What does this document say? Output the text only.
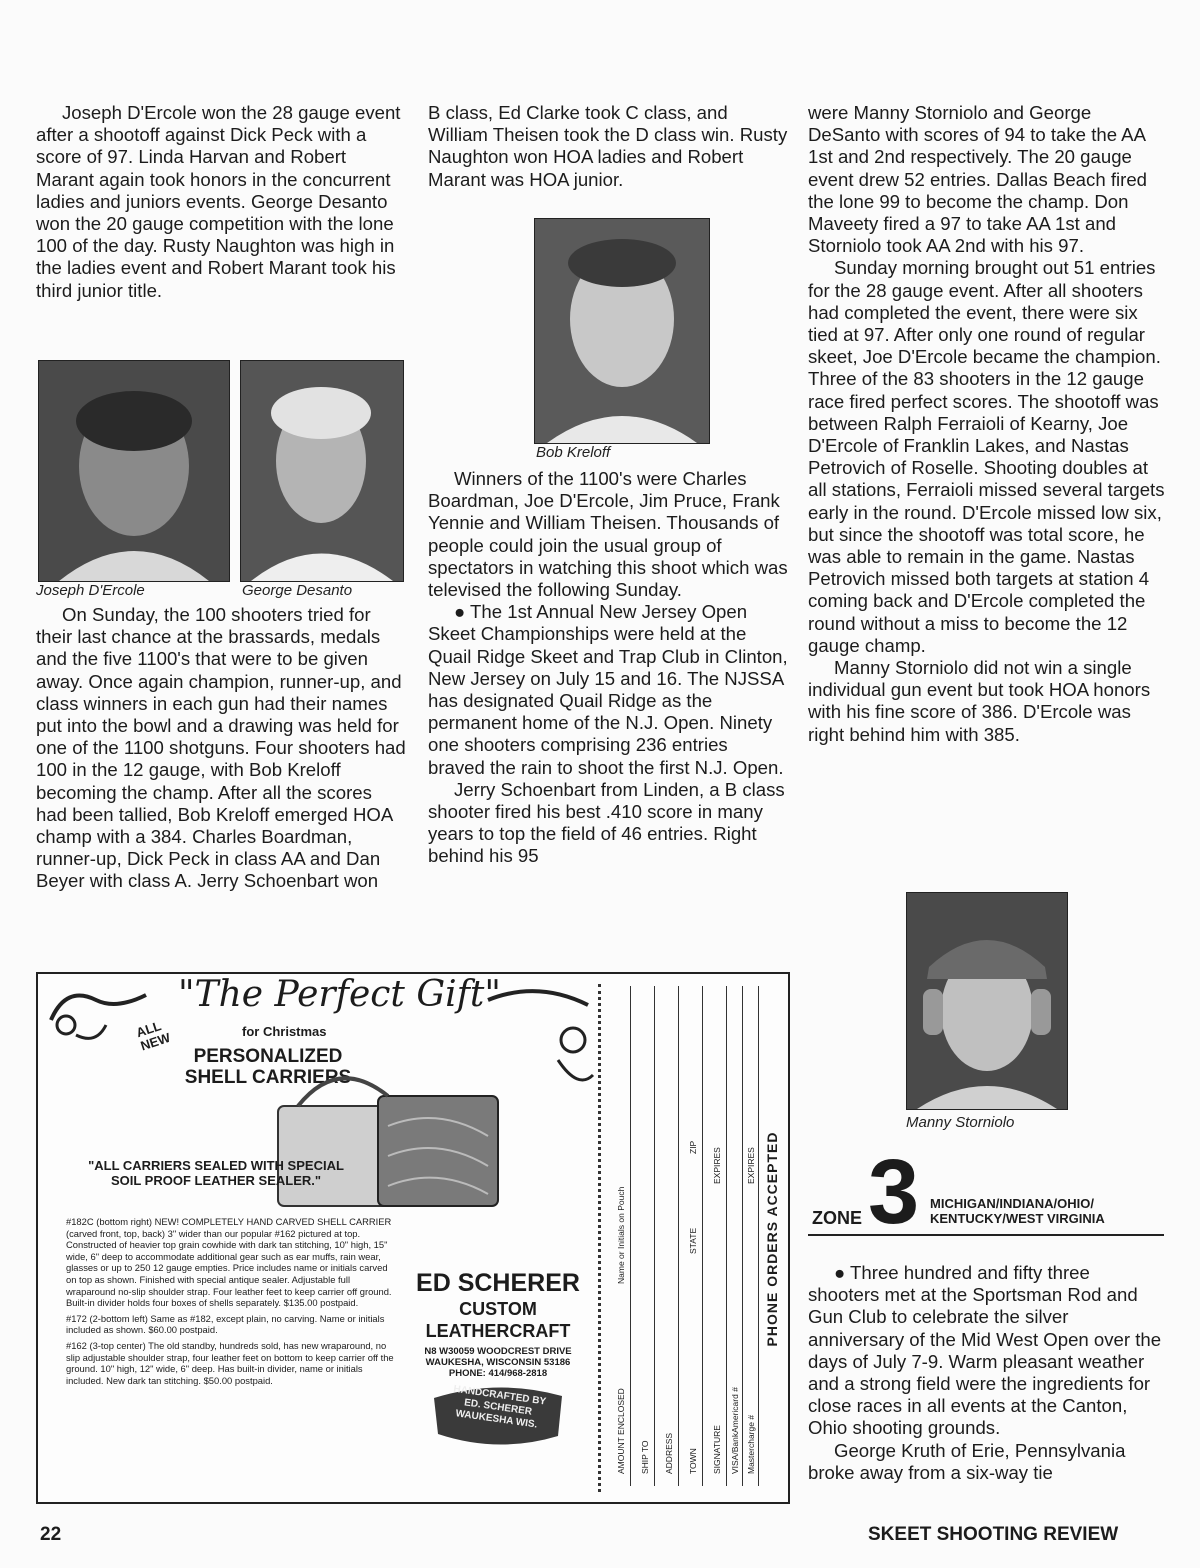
Joseph D'Ercole won the 28 gauge event after a shootoff against Dick Peck with a score of 97. Linda Harvan and Robert Marant again took honors in the concurrent ladies and juniors events. George Desanto won the 20 gauge competition with the lone 100 of the day. Rusty Naughton was high in the ladies event and Robert Marant took his third junior title.

Joseph D'Ercole	George Desanto

On Sunday, the 100 shooters tried for their last chance at the brassards, medals and the five 1100's that were to be given away. Once again champion, runner-up, and class winners in each gun had their names put into the bowl and a drawing was held for one of the 1100 shotguns. Four shooters had 100 in the 12 gauge, with Bob Kreloff becoming the champ. After all the scores had been tallied, Bob Kreloff emerged HOA champ with a 384. Charles Boardman, runner-up, Dick Peck in class AA and Dan Beyer with class A. Jerry Schoenbart won

B class, Ed Clarke took C class, and William Theisen took the D class win. Rusty Naughton won HOA ladies and Robert Marant was HOA junior.

Bob Kreloff

Winners of the 1100's were Charles Boardman, Joe D'Ercole, Jim Pruce, Frank Yennie and William Theisen. Thousands of people could join the usual group of spectators in watching this shoot which was televised the following Sunday.

● The 1st Annual New Jersey Open Skeet Championships were held at the Quail Ridge Skeet and Trap Club in Clinton, New Jersey on July 15 and 16. The NJSSA has designated Quail Ridge as the permanent home of the N.J. Open. Ninety one shooters comprising 236 entries braved the rain to shoot the first N.J. Open.

Jerry Schoenbart from Linden, a B class shooter fired his best .410 score in many years to top the field of 46 entries. Right behind his 95

were Manny Storniolo and George DeSanto with scores of 94 to take the AA 1st and 2nd respectively. The 20 gauge event drew 52 entries. Dallas Beach fired the lone 99 to become the champ. Don Maveety fired a 97 to take AA 1st and Storniolo took AA 2nd with his 97.

Sunday morning brought out 51 entries for the 28 gauge event. After all shooters had completed the event, there were six tied at 97. After only one round of regular skeet, Joe D'Ercole became the champion. Three of the 83 shooters in the 12 gauge race fired perfect scores. The shootoff was between Ralph Ferraioli of Kearny, Joe D'Ercole of Franklin Lakes, and Nastas Petrovich of Roselle. Shooting doubles at all stations, Ferraioli missed several targets early in the round. D'Ercole missed low six, but since the shootoff was total score, he was able to remain in the game. Nastas Petrovich missed both targets at station 4 coming back and D'Ercole completed the round without a miss to become the 12 gauge champ.

Manny Storniolo did not win a single individual gun event but took HOA honors with his fine score of 386. D'Ercole was right behind him with 385.

Manny Storniolo
ZONE 3 MICHIGAN/INDIANA/OHIO/
KENTUCKY/WEST VIRGINIA

● Three hundred and fifty three shooters met at the Sportsman Rod and Gun Club to celebrate the silver anniversary of the Mid West Open over the days of July 7-9. Warm pleasant weather and a strong field were the ingredients for close races in all events at the Canton, Ohio shooting grounds.

George Kruth of Erie, Pennsylvania broke away from a six-way tie

"The Perfect Gift"
ALL NEW	for Christmas
PERSONALIZED
SHELL CARRIERS
"ALL CARRIERS SEALED WITH SPECIAL SOIL PROOF LEATHER SEALER."
#182C (bottom right) NEW! COMPLETELY HAND CARVED SHELL CARRIER (carved front, top, back) 3" wider than our popular #162 pictured at top. Constructed of heavier top grain cowhide with dark tan stitching, 10" high, 15" wide, 6" deep to accommodate additional gear such as ear muffs, rain wear, glasses or up to 250 12 gauge empties. Price includes name or initials carved on top as shown. Finished with special antique sealer. Adjustable full wraparound no-slip shoulder strap. Four leather feet to keep carrier off ground. Built-in divider holds four boxes of shells separately. $135.00 postpaid.
#172 (2-bottom left) Same as #182, except plain, no carving. Name or initials included as shown. $60.00 postpaid.
#162 (3-top center) The old standby, hundreds sold, has new wraparound, no slip adjustable shoulder strap, four leather feet on bottom to keep carrier off the ground. 10" high, 12" wide, 6" deep. Has built-in divider, name or initials included. New dark tan stitching. $50.00 postpaid.
HANDCRAFTED BY ED. SCHERER WAUKESHA WIS.	AMOUNT ENCLOSED
Name or Initials on Pouch
SHIP TO ADDRESS TOWN
STATE
ZIP
SIGNATURE
EXPIRES
VISA/BankAmericard # Mastercharge #
EXPIRES PHONE ORDERS ACCEPTED
ED SCHERER
CUSTOM
LEATHERCRAFT
N8 W30059 WOODCREST DRIVE
WAUKESHA, WISCONSIN 53186
PHONE: 414/968-2818
22	SKEET SHOOTING REVIEW
